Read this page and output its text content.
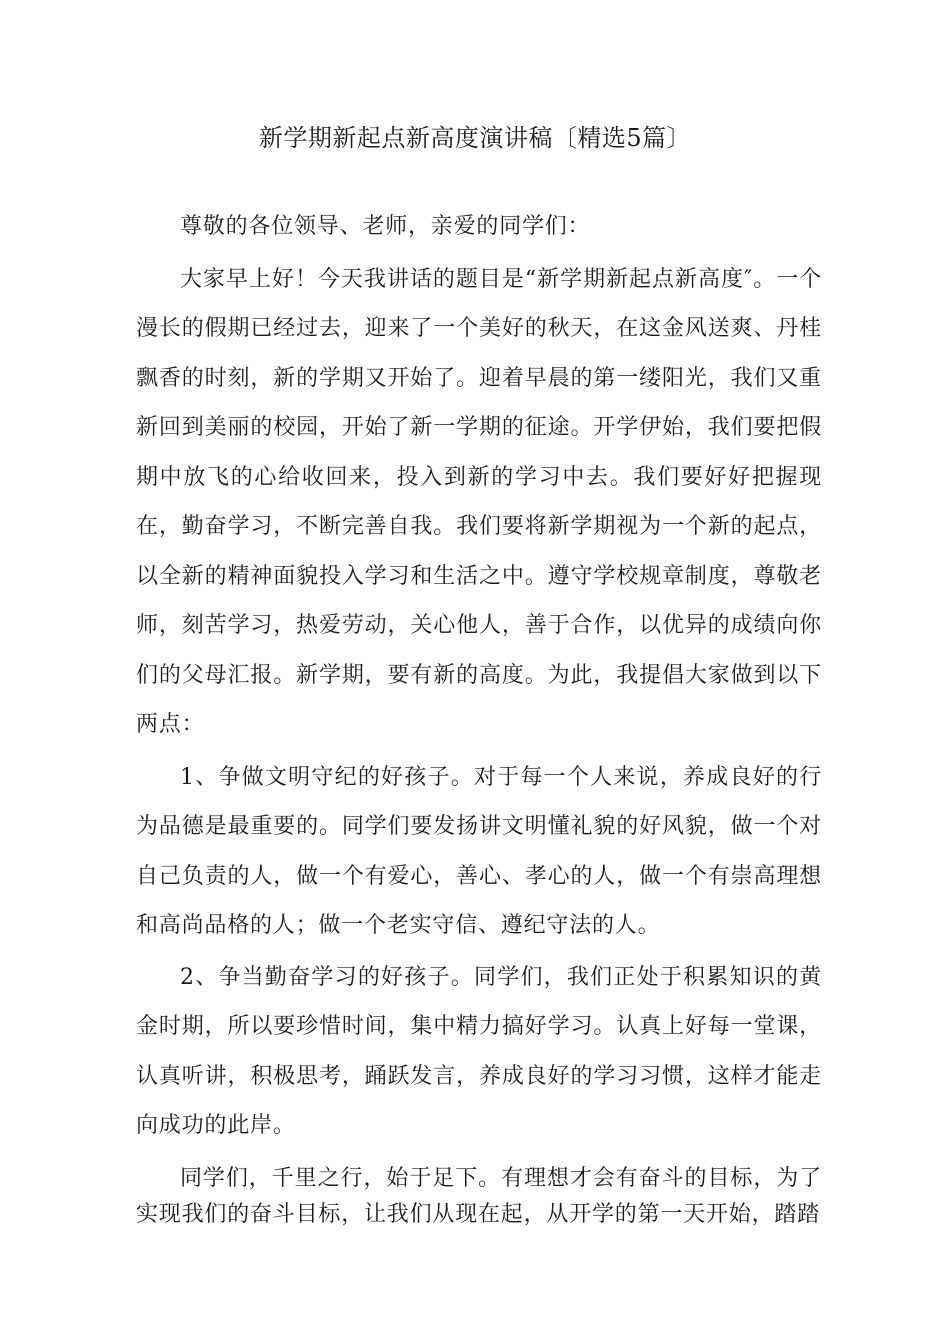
新学期新起点新高度演讲稿〔精选5篇〕

尊敬的各位领导、老师，亲爱的同学们：

大家早上好！今天我讲话的题目是“新学期新起点新高度″。一个漫长的假期已经过去，迎来了一个美好的秋天，在这金风送爽、丹桂飘香的时刻，新的学期又开始了。迎着早晨的第一缕阳光，我们又重新回到美丽的校园，开始了新一学期的征途。开学伊始，我们要把假期中放飞的心给收回来，投入到新的学习中去。我们要好好把握现在，勤奋学习，不断完善自我。我们要将新学期视为一个新的起点，以全新的精神面貌投入学习和生活之中。遵守学校规章制度，尊敬老师，刻苦学习，热爱劳动，关心他人，善于合作，以优异的成绩向你们的父母汇报。新学期，要有新的高度。为此，我提倡大家做到以下两点：

1、争做文明守纪的好孩子。对于每一个人来说，养成良好的行为品德是最重要的。同学们要发扬讲文明懂礼貌的好风貌，做一个对自己负责的人，做一个有爱心，善心、孝心的人，做一个有崇高理想和高尚品格的人；做一个老实守信、遵纪守法的人。

2、争当勤奋学习的好孩子。同学们，我们正处于积累知识的黄金时期，所以要珍惜时间，集中精力搞好学习。认真上好每一堂课，认真听讲，积极思考，踊跃发言，养成良好的学习习惯，这样才能走向成功的此岸。

同学们，千里之行，始于足下。有理想才会有奋斗的目标，为了实现我们的奋斗目标，让我们从现在起，从开学的第一天开始，踏踏
